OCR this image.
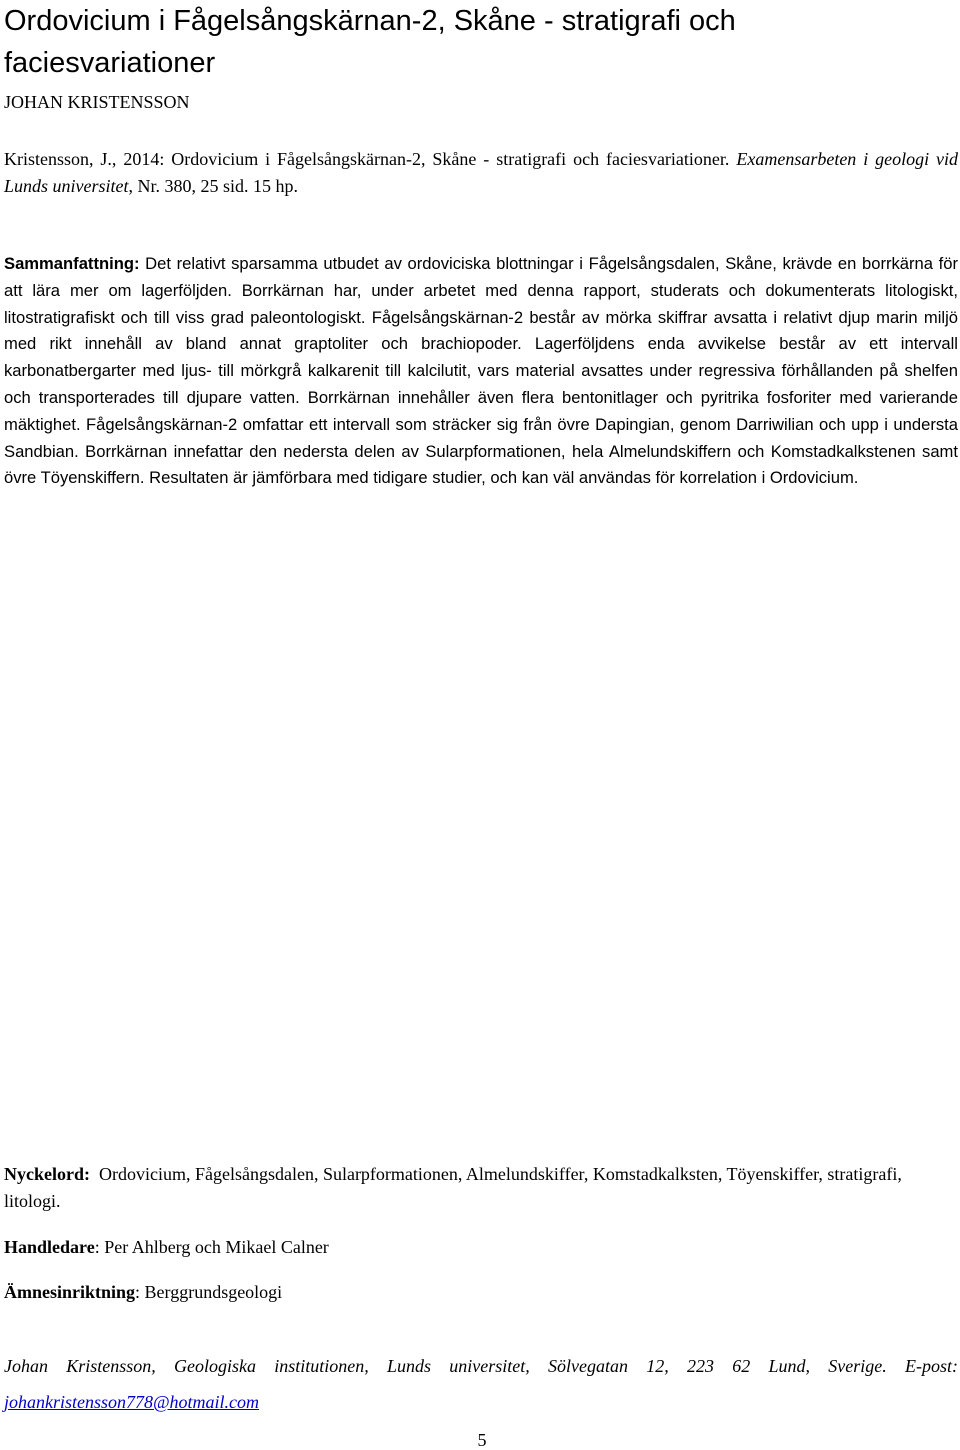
Ordovicium i Fågelsångskärnan-2, Skåne - stratigrafi och faciesvariationer
JOHAN KRISTENSSON
Kristensson, J., 2014: Ordovicium i Fågelsångskärnan-2, Skåne - stratigrafi och faciesvariationer. Examensarbeten i geologi vid Lunds universitet, Nr. 380, 25 sid. 15 hp.
Sammanfattning: Det relativt sparsamma utbudet av ordoviciska blottningar i Fågelsångsdalen, Skåne, krävde en borrkärna för att lära mer om lagerföljden. Borrkärnan har, under arbetet med denna rapport, studerats och dokumenterats litologiskt, litostratigrafiskt och till viss grad paleontologiskt. Fågelsångskärnan-2 består av mörka skiffrar avsatta i relativt djup marin miljö med rikt innehåll av bland annat graptoliter och brachiopoder. Lagerföljdens enda avvikelse består av ett intervall karbonatbergarter med ljus- till mörkgrå kalkarenit till kalcilutit, vars material avsattes under regressiva förhållanden på shelfen och transporterades till djupare vatten. Borrkärnan innehåller även flera bentonitlager och pyritrika fosforiter med varierande mäktighet. Fågelsångskärnan-2 omfattar ett intervall som sträcker sig från övre Dapingian, genom Darriwilian och upp i understa Sandbian. Borrkärnan innefattar den nedersta delen av Sularpformationen, hela Almelundskiffern och Komstadkalkstenen samt övre Töyenskiffern. Resultaten är jämförbara med tidigare studier, och kan väl användas för korrelation i Ordovicium.
Nyckelord: Ordovicium, Fågelsångsdalen, Sularpformationen, Almelundskiffer, Komstadkalksten, Töyenskiffer, stratigrafi, litologi.
Handledare: Per Ahlberg och Mikael Calner
Ämnesinriktning: Berggrundsgeologi
Johan Kristensson, Geologiska institutionen, Lunds universitet, Sölvegatan 12, 223 62 Lund, Sverige. E-post: johankristensson778@hotmail.com
5
